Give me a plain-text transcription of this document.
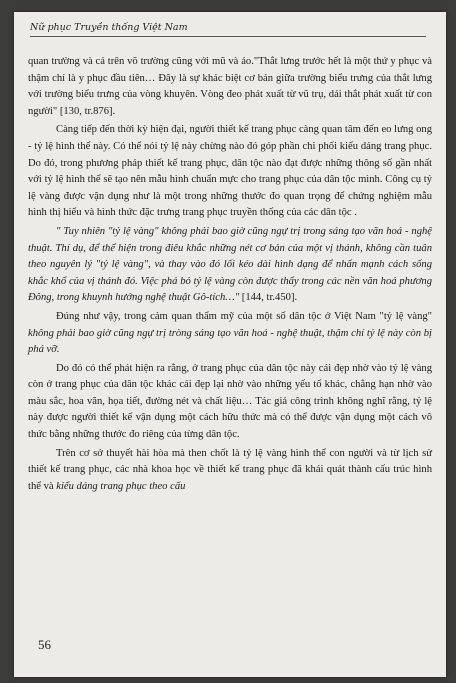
Nữ phục Truyền thống Việt Nam

quan trường và cả trên võ trường cũng với mũ và áo."Thắt lưng trước hết là một thứ y phục và thậm chí là y phục đầu tiên… Đây là sự khác biệt cơ bản giữa trường biểu trưng của thắt lưng với trường biểu trưng của vòng khuyên. Vòng đeo phát xuất từ vũ trụ, dải thắt phát xuất từ con người" [130, tr.876].

Càng tiếp đến thời kỳ hiện đại, người thiết kế trang phục càng quan tâm đến eo lưng ong - tỷ lệ hình thể này. Có thể nói tỷ lệ này chừng nào đó góp phần chi phối kiểu dáng trang phục. Do đó, trong phương pháp thiết kế trang phục, dân tộc nào đạt được những thông số gần nhất với tỷ lệ hình thể sẽ tạo nên mẫu hình chuẩn mực cho trang phục của dân tộc mình. Công cụ tỷ lệ vàng được vận dụng như là một trong những thước đo quan trọng để chứng nghiệm mẫu hình thị hiếu và hình thức đặc trưng trang phục truyền thống của các dân tộc .

" Tuy nhiên "tỷ lệ vàng" không phải bao giờ cũng ngự trị trong sáng tạo văn hoá - nghệ thuật. Thí dụ, để thể hiện trong điêu khắc những nét cơ bản của một vị thánh, không cần tuân theo nguyên lý "tỷ lệ vàng", và thay vào đó lối kéo dài hình dạng để nhấn mạnh cách sống khắc khổ của vị thánh đó. Việc phá bỏ tỷ lệ vàng còn được thấy trong các nền văn hoá phương Đông, trong khuynh hướng nghệ thuật Gô-tích…" [144, tr.450].

Đúng như vậy, trong cảm quan thẩm mỹ của một số dân tộc ở Việt Nam "tỷ lệ vàng" không phải bao giờ cũng ngự trị tròng sáng tạo văn hoá - nghệ thuật, thậm chí tỷ lệ này còn bị phá vỡ.

Do đó có thể phát hiện ra rằng, ở trang phục của dân tộc này cái đẹp nhờ vào tỷ lệ vàng còn ở trang phục của dân tộc khác cái đẹp lại nhờ vào những yếu tố khác, chẳng hạn nhờ vào màu sắc, hoa văn, họa tiết, đường nét và chất liệu… Tác giả công trình không nghĩ rằng, tỷ lệ này được người thiết kế vận dụng một cách hữu thức mà có thể được vận dụng một cách vô thức bằng những thước đo riêng của từng dân tộc.

Trên cơ sở thuyết hài hòa mà then chốt là tỷ lệ vàng hình thể con người và từ lịch sử thiết kế trang phục, các nhà khoa học về thiết kế trang phục đã khái quát thành cấu trúc hình thể và kiểu dáng trang phục theo cấu

56
